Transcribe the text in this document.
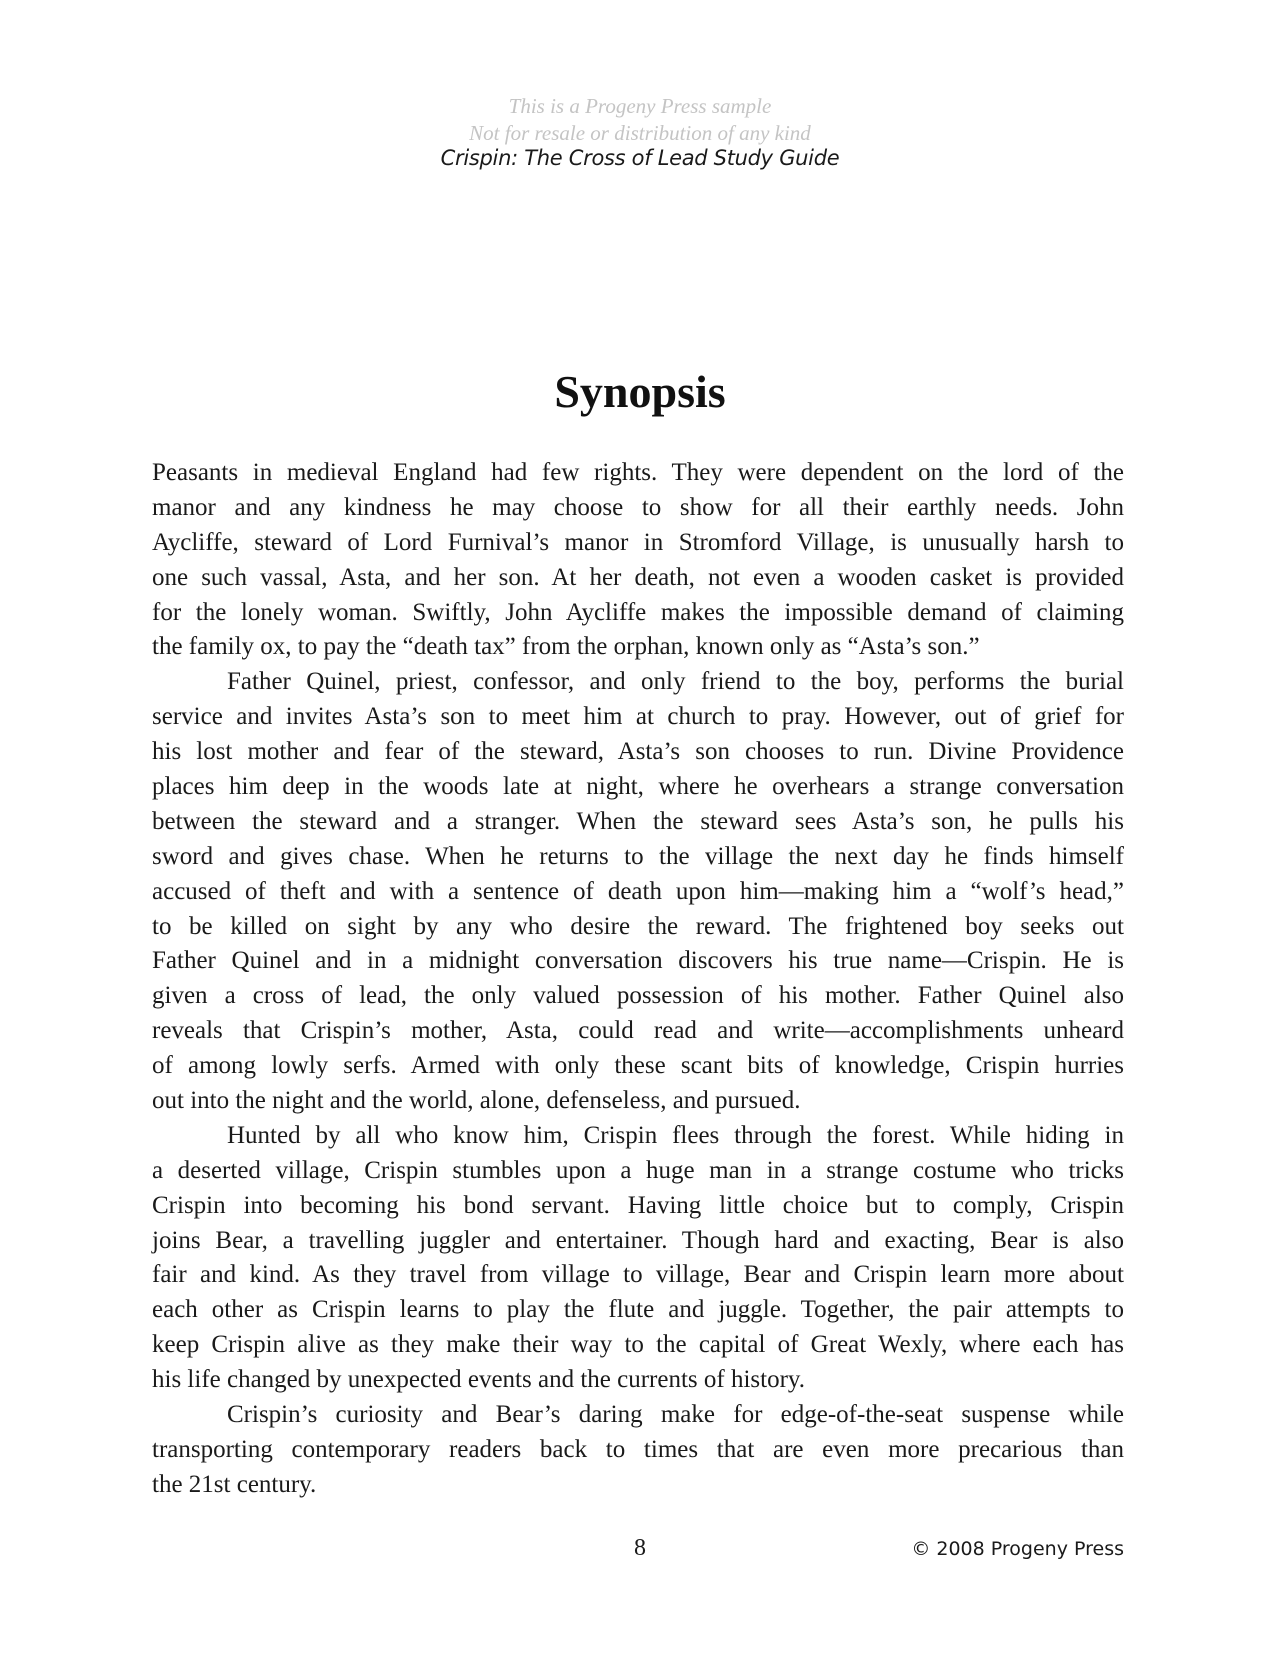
This is a Progeny Press sample
Not for resale or distribution of any kind
Crispin: The Cross of Lead Study Guide
Synopsis
Peasants in medieval England had few rights. They were dependent on the lord of the
manor and any kindness he may choose to show for all their earthly needs. John
Aycliffe, steward of Lord Furnival’s manor in Stromford Village, is unusually harsh to
one such vassal, Asta, and her son. At her death, not even a wooden casket is provided
for the lonely woman. Swiftly, John Aycliffe makes the impossible demand of claiming
the family ox, to pay the “death tax” from the orphan, known only as “Asta’s son.”
Father Quinel, priest, confessor, and only friend to the boy, performs the burial
service and invites Asta’s son to meet him at church to pray. However, out of grief for
his lost mother and fear of the steward, Asta’s son chooses to run. Divine Providence
places him deep in the woods late at night, where he overhears a strange conversation
between the steward and a stranger. When the steward sees Asta’s son, he pulls his
sword and gives chase. When he returns to the village the next day he finds himself
accused of theft and with a sentence of death upon him—making him a “wolf’s head,”
to be killed on sight by any who desire the reward. The frightened boy seeks out
Father Quinel and in a midnight conversation discovers his true name—Crispin. He is
given a cross of lead, the only valued possession of his mother. Father Quinel also
reveals that Crispin’s mother, Asta, could read and write—accomplishments unheard
of among lowly serfs. Armed with only these scant bits of knowledge, Crispin hurries
out into the night and the world, alone, defenseless, and pursued.
Hunted by all who know him, Crispin flees through the forest. While hiding in
a deserted village, Crispin stumbles upon a huge man in a strange costume who tricks
Crispin into becoming his bond servant. Having little choice but to comply, Crispin
joins Bear, a travelling juggler and entertainer. Though hard and exacting, Bear is also
fair and kind. As they travel from village to village, Bear and Crispin learn more about
each other as Crispin learns to play the flute and juggle. Together, the pair attempts to
keep Crispin alive as they make their way to the capital of Great Wexly, where each has
his life changed by unexpected events and the currents of history.
Crispin’s curiosity and Bear’s daring make for edge-of-the-seat suspense while
transporting contemporary readers back to times that are even more precarious than
the 21st century.
8	© 2008 Progeny Press
